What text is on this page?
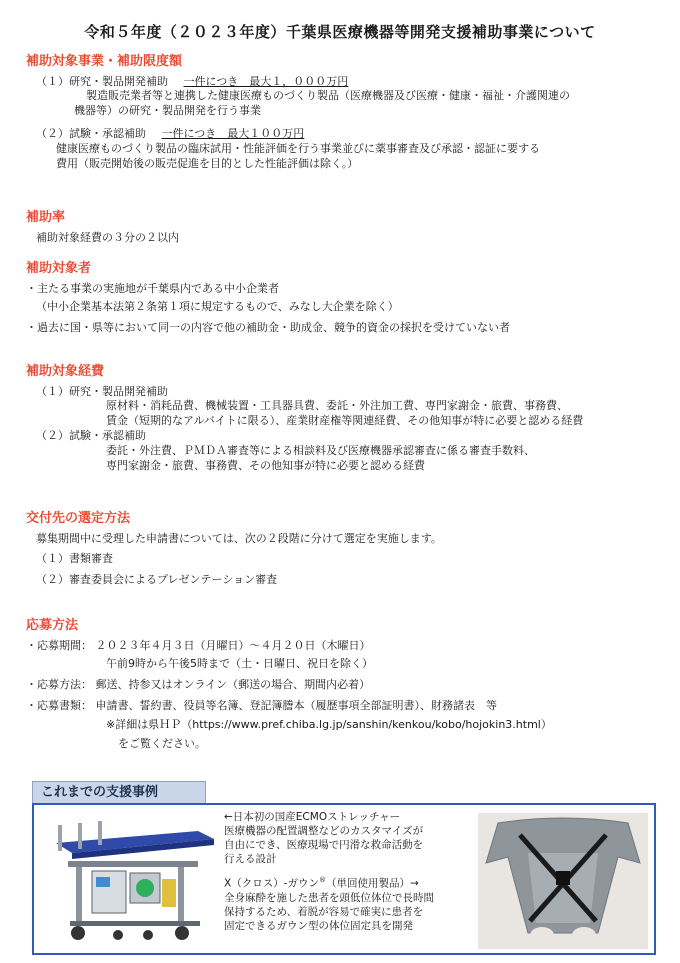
令和５年度（２０２３年度）千葉県医療機器等開発支援補助事業について
補助対象事業・補助限度額
（１）研究・製品開発補助 一件につき　最大１，０００万円
製造販売業者等と連携した健康医療ものづくり製品（医療機器及び医療・健康・福祉・介護関連の
機器等）の研究・製品開発を行う事業
（２）試験・承認補助 一件につき　最大１００万円
健康医療ものづくり製品の臨床試用・性能評価を行う事業並びに薬事審査及び承認・認証に要する
費用（販売開始後の販売促進を目的とした性能評価は除く。）
補助率
補助対象経費の３分の２以内
補助対象者
・主たる事業の実施地が千葉県内である中小企業者
（中小企業基本法第２条第１項に規定するもので、みなし大企業を除く）
・過去に国・県等において同一の内容で他の補助金・助成金、競争的資金の採択を受けていない者
補助対象経費
（１）研究・製品開発補助
原材料・消耗品費、機械装置・工具器具費、委託・外注加工費、専門家謝金・旅費、事務費、
賃金（短期的なアルバイトに限る）、産業財産権等関連経費、その他知事が特に必要と認める経費
（２）試験・承認補助
委託・外注費、ＰＭＤＡ審査等による相談料及び医療機器承認審査に係る審査手数料、
専門家謝金・旅費、事務費、その他知事が特に必要と認める経費
交付先の選定方法
募集期間中に受理した申請書については、次の２段階に分けて選定を実施します。
（１）書類審査
（２）審査委員会によるプレゼンテーション審査
応募方法
・応募期間： ２０２３年４月３日（月曜日）～４月２０日（木曜日）
午前9時から午後5時まで（土・日曜日、祝日を除く）
・応募方法： 郵送、持参又はオンライン（郵送の場合、期間内必着）
・応募書類： 申請書、誓約書、役員等名簿、登記簿謄本（履歴事項全部証明書）、財務諸表　等
※詳細は県ＨＰ（https://www.pref.chiba.lg.jp/sanshin/kenkou/kobo/hojokin3.html）
をご覧ください。
これまでの支援事例
←日本初の国産ECMOストレッチャー
医療機器の配置調整などのカスタマイズが
自由にでき、医療現場で円滑な救命活動を
行える設計
X（クロス）-ガウン®（単回使用製品）→
全身麻酔を施した患者を頭低位体位で長時間
保持するため、着脱が容易で確実に患者を
固定できるガウン型の体位固定具を開発
